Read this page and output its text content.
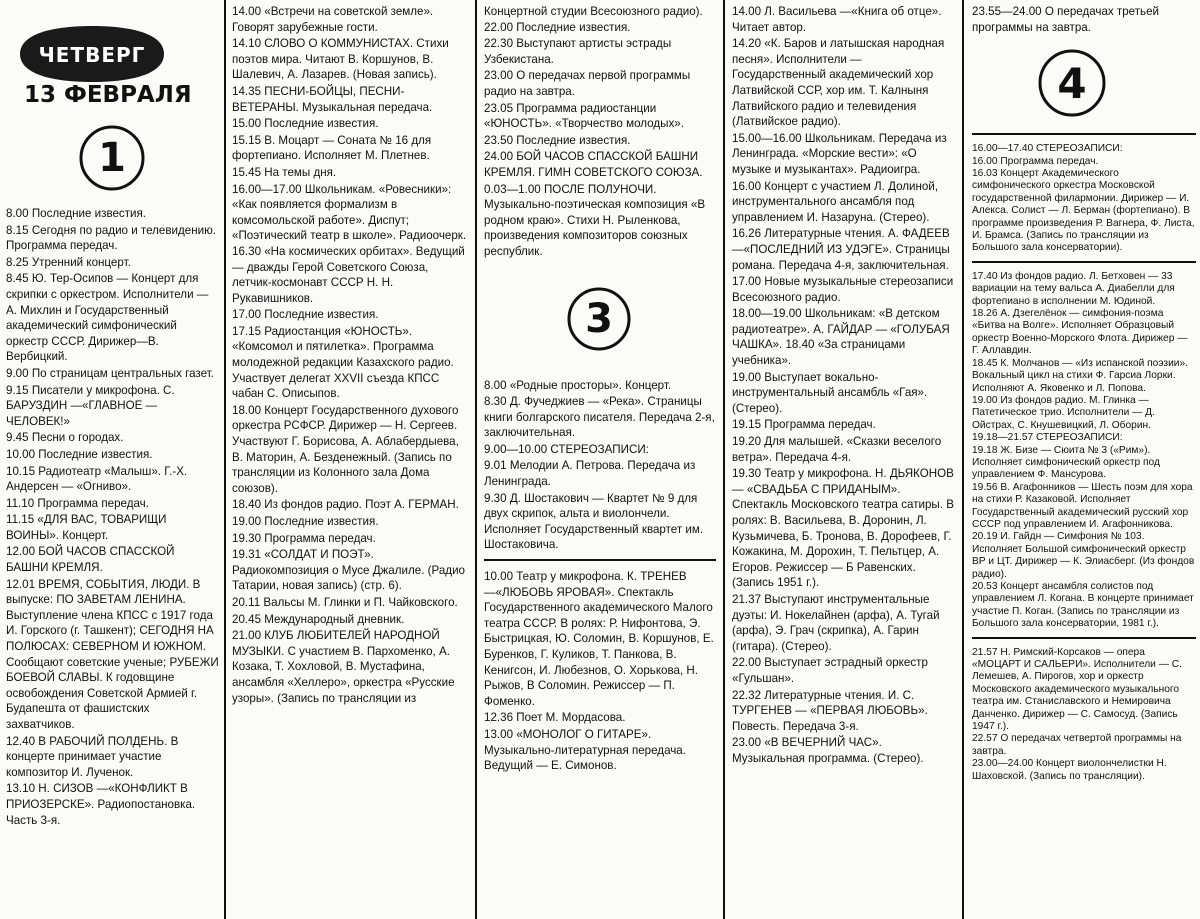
ЧЕТВЕРГ
13 ФЕВРАЛЯ
1
8.00 Последние известия.
8.15 Сегодня по радио и телевидению. Программа передач.
8.25 Утренний концерт.
8.45 Ю. Тер-Осипов — Концерт для скрипки с оркестром. Исполнители — А. Михлин и Государственный академический симфонический оркестр СССР. Дирижер—В. Вербицкий.
9.00 По страницам центральных газет.
9.15 Писатели у микрофона. С. БАРУЗДИН —«ГЛАВНОЕ — ЧЕЛОВЕК!»
9.45 Песни о городах.
10.00 Последние известия.
10.15 Радиотеатр «Малыш». Г.-Х. Андерсен — «Огниво».
11.10 Программа передач.
11.15 «ДЛЯ ВАС, ТОВАРИЩИ ВОИНЫ». Концерт.
12.00 БОЙ ЧАСОВ СПАССКОЙ БАШНИ КРЕМЛЯ.
12.01 ВРЕМЯ, СОБЫТИЯ, ЛЮДИ. В выпуске: ПО ЗАВЕТАМ ЛЕНИНА. Выступление члена КПСС с 1917 года И. Горского (г. Ташкент); СЕГОДНЯ НА ПОЛЮСАХ: СЕВЕРНОМ И ЮЖНОМ. Сообщают советские ученые; РУБЕЖИ БОЕВОЙ СЛАВЫ. К годовщине освобождения Советской Армией г. Будапешта от фашистских захватчиков.
12.40 В РАБОЧИЙ ПОЛДЕНЬ. В концерте принимает участие композитор И. Лученок.
13.10 Н. СИЗОВ —«КОНФЛИКТ В ПРИОЗЕРСКЕ». Радиопостановка. Часть 3-я.
14.00 «Встречи на советской земле». Говорят зарубежные гости.
14.10 СЛОВО О КОММУНИСТАХ. Стихи поэтов мира. Читают В. Коршунов, В. Шалевич, А. Лазарев. (Новая запись).
14.35 ПЕСНИ-БОЙЦЫ, ПЕСНИ-ВЕТЕРАНЫ. Музыкальная передача.
15.00 Последние известия.
15.15 В. Моцарт — Соната № 16 для фортепиано. Исполняет М. Плетнев.
15.45 На темы дня.
16.00—17.00 Школьникам. «Ровесники»: «Как появляется формализм в комсомольской работе». Диспут; «Поэтический театр в школе». Радиоочерк. 16.30 «На космических орбитах». Ведущий — дважды Герой Советского Союза, летчик-космонавт СССР Н. Н. Рукавишников.
17.00 Последние известия.
17.15 Радиостанция «ЮНОСТЬ». «Комсомол и пятилетка». Программа молодежной редакции Казахского радио. Участвует делегат XXVII съезда КПСС чабан С. Описыпов.
18.00 Концерт Государственного духового оркестра РСФСР. Дирижер — Н. Сергеев. Участвуют Г. Борисова, А. Аблабердыева, В. Маторин, А. Безденежный. (Запись по трансляции из Колонного зала Дома союзов).
18.40 Из фондов радио. Поэт А. ГЕРМАН.
19.00 Последние известия.
19.30 Программа передач.
19.31 «СОЛДАТ И ПОЭТ». Радиокомпозиция о Мусе Джалиле. (Радио Татарии, новая запись) (стр. 6).
20.11 Вальсы М. Глинки и П. Чайковского.
20.45 Международный дневник.
21.00 КЛУБ ЛЮБИТЕЛЕЙ НАРОДНОЙ МУЗЫКИ. С участием В. Пархоменко, А. Козака, Т. Хохловой, В. Мустафина, ансамбля «Хеллеро», оркестра «Русские узоры». (Запись по трансляции из
Концертной студии Всесоюзного радио).
22.00 Последние известия.
22.30 Выступают артисты эстрады Узбекистана.
23.00 О передачах первой программы радио на завтра.
23.05 Программа радиостанции «ЮНОСТЬ». «Творчество молодых».
23.50 Последние известия.
24.00 БОЙ ЧАСОВ СПАССКОЙ БАШНИ КРЕМЛЯ. ГИМН СОВЕТСКОГО СОЮЗА.
0.03—1.00 ПОСЛЕ ПОЛУНОЧИ. Музыкально-поэтическая композиция «В родном краю». Стихи Н. Рыленкова, произведения композиторов союзных республик.
3
8.00 «Родные просторы». Концерт.
8.30 Д. Фучеджиев — «Река». Страницы книги болгарского писателя. Передача 2-я, заключительная.
9.00—10.00 СТЕРЕОЗАПИСИ:
9.01 Мелодии А. Петрова. Передача из Ленинграда.
9.30 Д. Шостакович — Квартет № 9 для двух скрипок, альта и виолончели. Исполняет Государственный квартет им. Шостаковича.
10.00 Театр у микрофона. К. ТРЕНЕВ —«ЛЮБОВЬ ЯРОВАЯ». Спектакль Государственного академического Малого театра СССР. В ролях: Р. Нифонтова, Э. Быстрицкая, Ю. Соломин, В. Коршунов, Е. Буренков, Г. Куликов, Т. Панкова, В. Кенигсон, И. Любезнов, О. Хорькова, Н. Рыжов, В Соломин. Режиссер — П. Фоменко.
12.36 Поет М. Мордасова.
13.00 «МОНОЛОГ О ГИТАРЕ». Музыкально-литературная передача. Ведущий — Е. Симонов.
14.00 Л. Васильева —«Книга об отце». Читает автор.
14.20 «К. Баров и латышская народная песня». Исполнители — Государственный академический хор Латвийской ССР, хор им. Т. Калныня Латвийского радио и телевидения (Латвийское радио).
15.00—16.00 Школьникам. Передача из Ленинграда. «Морские вести»: «О музыке и музыкантах». Радиоигра.
16.00 Концерт с участием Л. Долиной, инструментального ансамбля под управлением И. Назаруна. (Стерео).
16.26 Литературные чтения. А. ФАДЕЕВ—«ПОСЛЕДНИЙ ИЗ УДЭГЕ». Страницы романа. Передача 4-я, заключительная.
17.00 Новые музыкальные стереозаписи Всесоюзного радио.
18.00—19.00 Школьникам: «В детском радиотеатре». А. ГАЙДАР — «ГОЛУБАЯ ЧАШКА». 18.40 «За страницами учебника».
19.00 Выступает вокально-инструментальный ансамбль «Гая». (Стерео).
19.15 Программа передач.
19.20 Для малышей. «Сказки веселого ветра». Передача 4-я.
19.30 Театр у микрофона. Н. ДЬЯКОНОВ — «СВАДЬБА С ПРИДАНЫМ». Спектакль Московского театра сатиры. В ролях: В. Васильева, В. Доронин, Л. Кузьмичева, Б. Тронова, В. Дорофеев, Г. Кожакина, М. Дорохин, Т. Пельтцер, А. Егоров. Режиссер — Б Равенских. (Запись 1951 г.).
21.37 Выступают инструментальные дуэты: И. Нокелайнен (арфа), А. Тугай (арфа), Э. Грач (скрипка), А. Гарин (гитара). (Стерео).
22.00 Выступает эстрадный оркестр «Гульшан».
22.32 Литературные чтения. И. С. ТУРГЕНЕВ — «ПЕРВАЯ ЛЮБОВЬ». Повесть. Передача 3-я.
23.00 «В ВЕЧЕРНИЙ ЧАС». Музыкальная программа. (Стерео).
23.55—24.00 О передачах третьей программы на завтра.
4
16.00—17.40 СТЕРЕОЗАПИСИ:
16.00 Программа передач.
16.03 Концерт Академического симфонического оркестра Московской государственной филармонии. Дирижер — И. Алекса. Солист — Л. Берман (фортепиано). В программе произведения Р. Вагнера, Ф. Листа, И. Брамса. (Запись по трансляции из Большого зала консерватории).
17.40 Из фондов радио. Л. Бетховен — 33 вариации на тему вальса А. Диабелли для фортепиано в исполнении М. Юдиной.
18.26 А. Дзегелёнок — симфония-поэма «Битва на Волге». Исполняет Образцовый оркестр Военно-Морского Флота. Дирижер — Г. Аллавдин.
18.45 К. Молчанов — «Из испанской поэзии». Вокальный цикл на стихи Ф. Гарсиа Лорки. Исполняют А. Яковенко и Л. Попова.
19.00 Из фондов радио. М. Глинка — Патетическое трио. Исполнители — Д. Ойстрах, С. Кнушевицкий, Л. Оборин.
19.18—21.57 СТЕРЕОЗАПИСИ:
19.18 Ж. Бизе — Сюита № 3 («Рим»). Исполняет симфонический оркестр под управлением Ф. Мансурова.
19.56 В. Агафонников — Шесть поэм для хора на стихи Р. Казаковой. Исполняет Государственный академический русский хор СССР под управлением И. Агафонникова.
20.19 И. Гайдн — Симфония № 103. Исполняет Большой симфонический оркестр ВР и ЦТ. Дирижер — К. Элиасберг. (Из фондов радио).
20.53 Концерт ансамбля солистов под управлением Л. Когана. В концерте принимает участие П. Коган. (Запись по трансляции из Большого зала консерватории, 1981 г.).
21.57 Н. Римский-Корсаков — опера «МОЦАРТ И САЛЬЕРИ». Исполнители — С. Лемешев, А. Пирогов, хор и оркестр Московского академического музыкального театра им. Станиславского и Немировича Данченко. Дирижер — С. Самосуд. (Запись 1947 г.).
22.57 О передачах четвертой программы на завтра.
23.00—24.00 Концерт виолончелистки Н. Шаховской. (Запись по трансляции).
